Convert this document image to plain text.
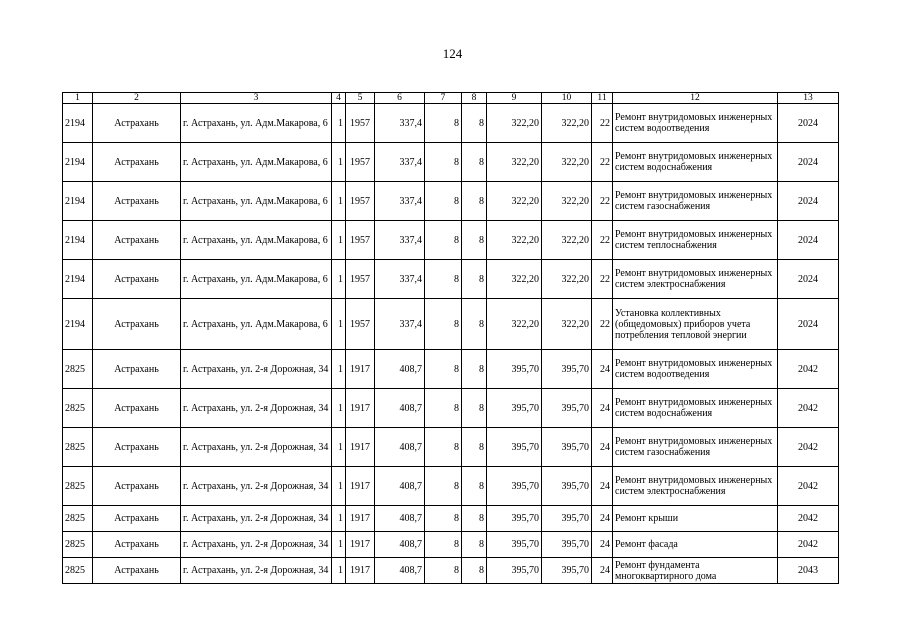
124
1	2	3	4	5	6	7	8	9	10	11	12	13
2194	Астрахань	г. Астрахань, ул. Адм.Макарова, 6	1	1957	337,4	8	8	322,20	322,20	22	Ремонт внутридомовых инженерных систем водоотведения	2024
2194	Астрахань	г. Астрахань, ул. Адм.Макарова, 6	1	1957	337,4	8	8	322,20	322,20	22	Ремонт внутридомовых инженерных систем водоснабжения	2024
2194	Астрахань	г. Астрахань, ул. Адм.Макарова, 6	1	1957	337,4	8	8	322,20	322,20	22	Ремонт внутридомовых инженерных систем газоснабжения	2024
2194	Астрахань	г. Астрахань, ул. Адм.Макарова, 6	1	1957	337,4	8	8	322,20	322,20	22	Ремонт внутридомовых инженерных систем теплоснабжения	2024
2194	Астрахань	г. Астрахань, ул. Адм.Макарова, 6	1	1957	337,4	8	8	322,20	322,20	22	Ремонт внутридомовых инженерных систем электроснабжения	2024
2194	Астрахань	г. Астрахань, ул. Адм.Макарова, 6	1	1957	337,4	8	8	322,20	322,20	22	Установка коллективных (общедомовых) приборов учета потребления тепловой энергии	2024
2825	Астрахань	г. Астрахань, ул. 2-я Дорожная, 34	1	1917	408,7	8	8	395,70	395,70	24	Ремонт внутридомовых инженерных систем водоотведения	2042
2825	Астрахань	г. Астрахань, ул. 2-я Дорожная, 34	1	1917	408,7	8	8	395,70	395,70	24	Ремонт внутридомовых инженерных систем водоснабжения	2042
2825	Астрахань	г. Астрахань, ул. 2-я Дорожная, 34	1	1917	408,7	8	8	395,70	395,70	24	Ремонт внутридомовых инженерных систем газоснабжения	2042
2825	Астрахань	г. Астрахань, ул. 2-я Дорожная, 34	1	1917	408,7	8	8	395,70	395,70	24	Ремонт внутридомовых инженерных систем электроснабжения	2042
2825	Астрахань	г. Астрахань, ул. 2-я Дорожная, 34	1	1917	408,7	8	8	395,70	395,70	24	Ремонт крыши	2042
2825	Астрахань	г. Астрахань, ул. 2-я Дорожная, 34	1	1917	408,7	8	8	395,70	395,70	24	Ремонт фасада	2042
2825	Астрахань	г. Астрахань, ул. 2-я Дорожная, 34	1	1917	408,7	8	8	395,70	395,70	24	Ремонт фундамента многоквартирного дома	2043
